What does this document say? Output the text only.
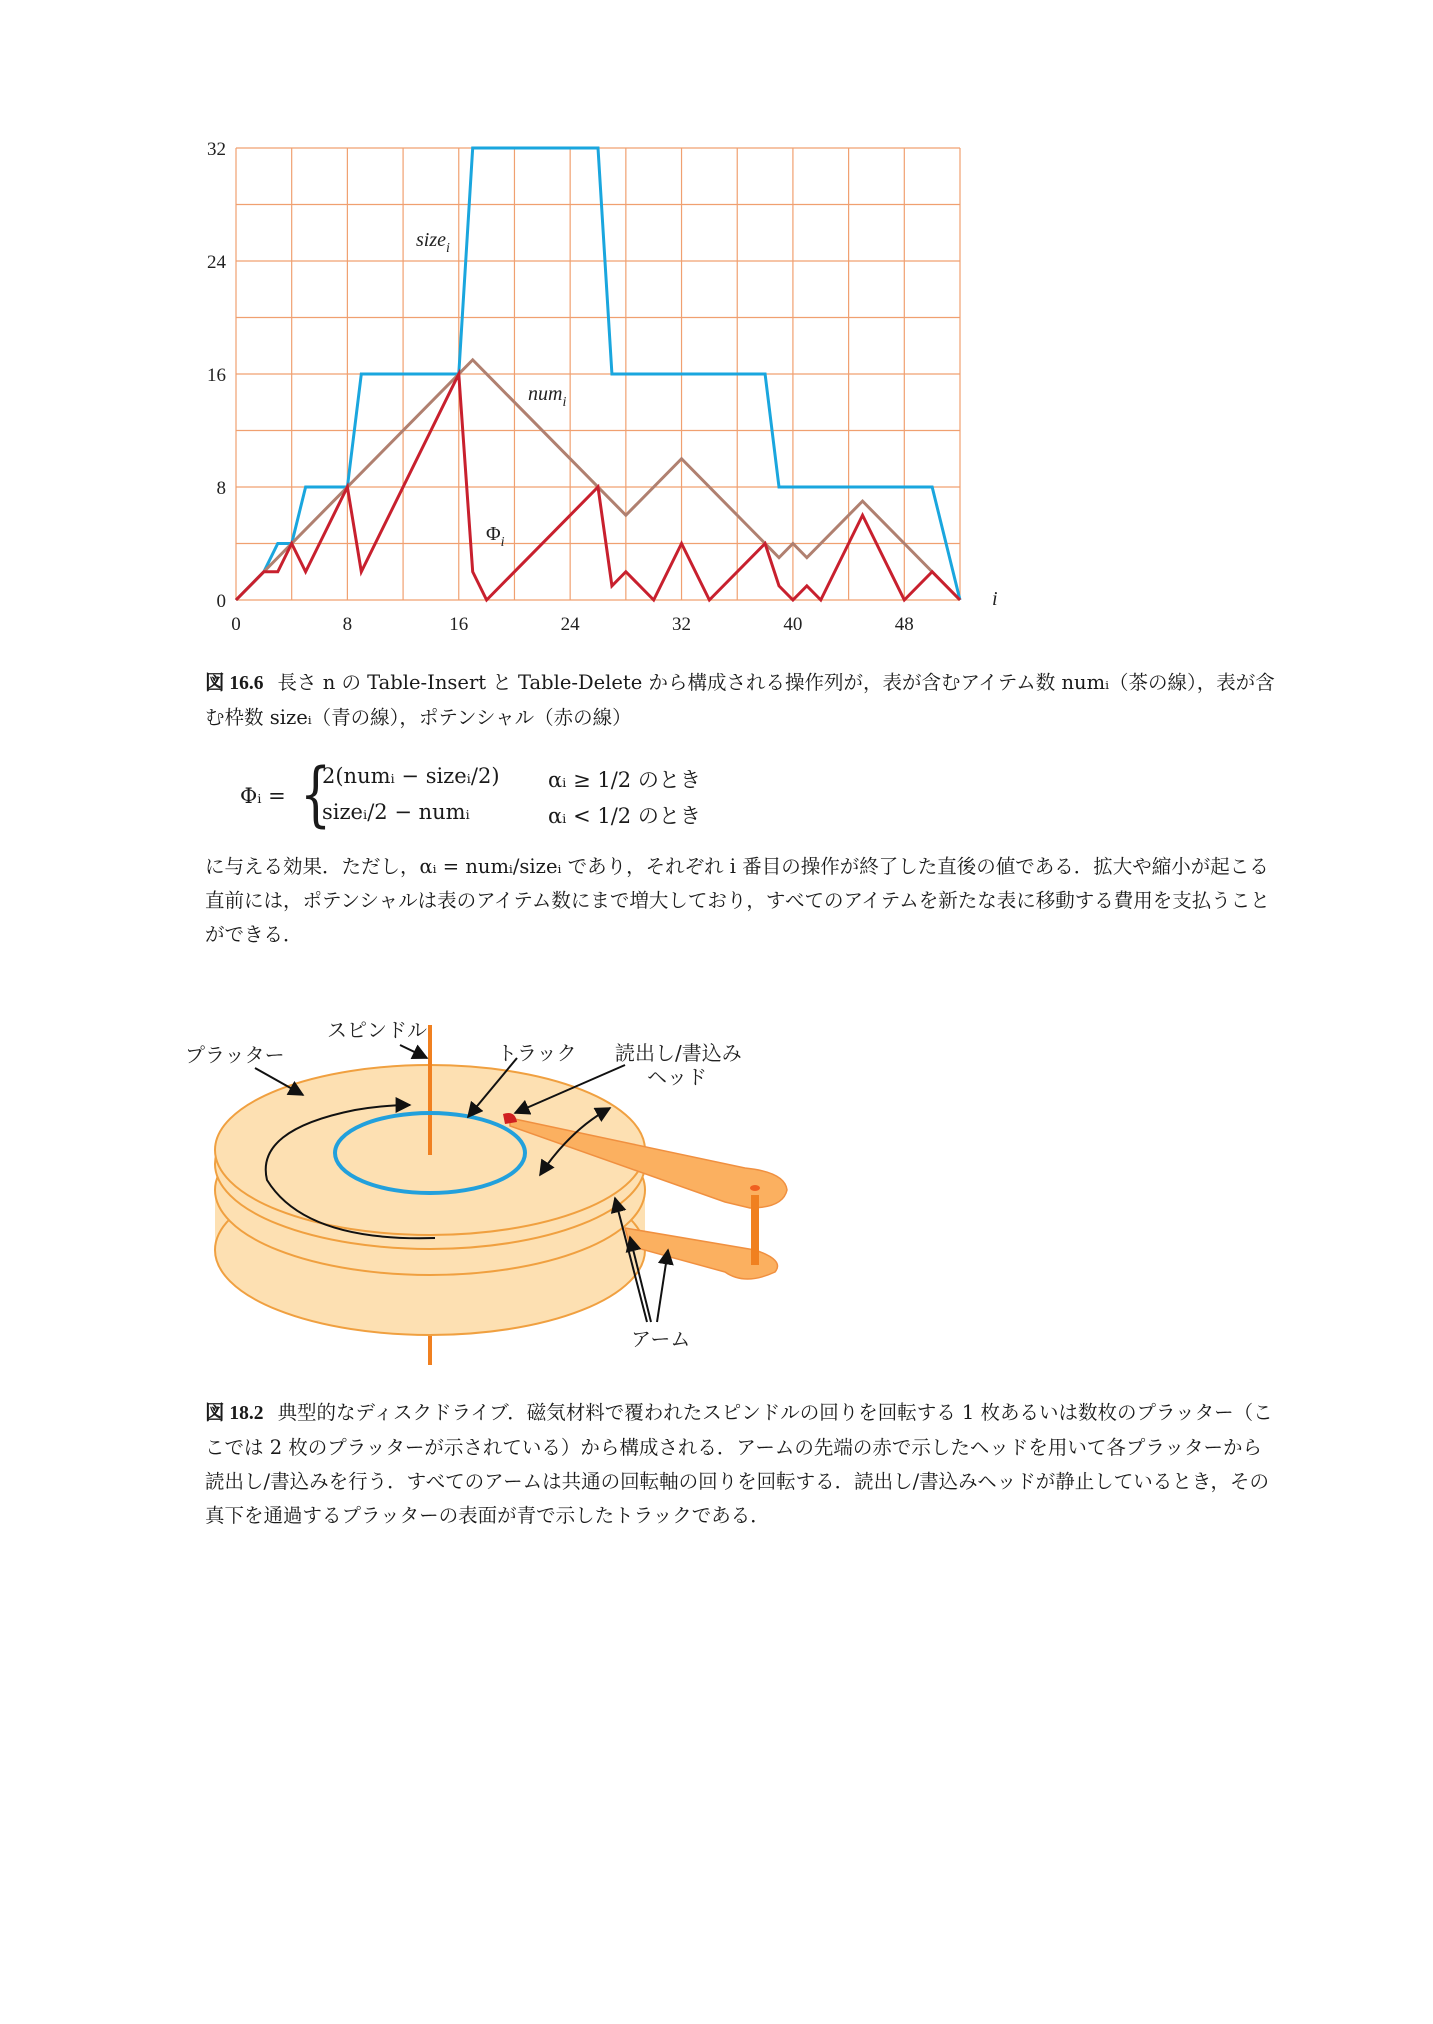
0	8	16	24	32	40	48
0
8
16
24
32
size$_i$
num$_i$
$\Phi_i$
i
図 16.6 長さ n の Table-Insert と Table-Delete から構成される操作列が，表が含むアイテム数 numᵢ（茶の線），表が含む枠数 sizeᵢ（青の線），ポテンシャル（赤の線）
Φᵢ = {
2(numᵢ − sizeᵢ/2) αᵢ ≥ 1/2 のとき
sizeᵢ/2 − numᵢ	αᵢ < 1/2 のとき
に与える効果．ただし，αᵢ = numᵢ/sizeᵢ であり，それぞれ i 番目の操作が終了した直後の値である．拡大や縮小が起こる直前には，ポテンシャルは表のアイテム数にまで増大しており，すべてのアイテムを新たな表に移動する費用を支払うことができる．
プラッター
スピンドル
トラック 読出し/書込み
ヘッド
アーム
図 18.2 典型的なディスクドライブ．磁気材料で覆われたスピンドルの回りを回転する 1 枚あるいは数枚のプラッター（ここでは 2 枚のプラッターが示されている）から構成される．アームの先端の赤で示したヘッドを用いて各プラッターから読出し/書込みを行う．すべてのアームは共通の回転軸の回りを回転する．読出し/書込みヘッドが静止しているとき，その真下を通過するプラッターの表面が青で示したトラックである．
